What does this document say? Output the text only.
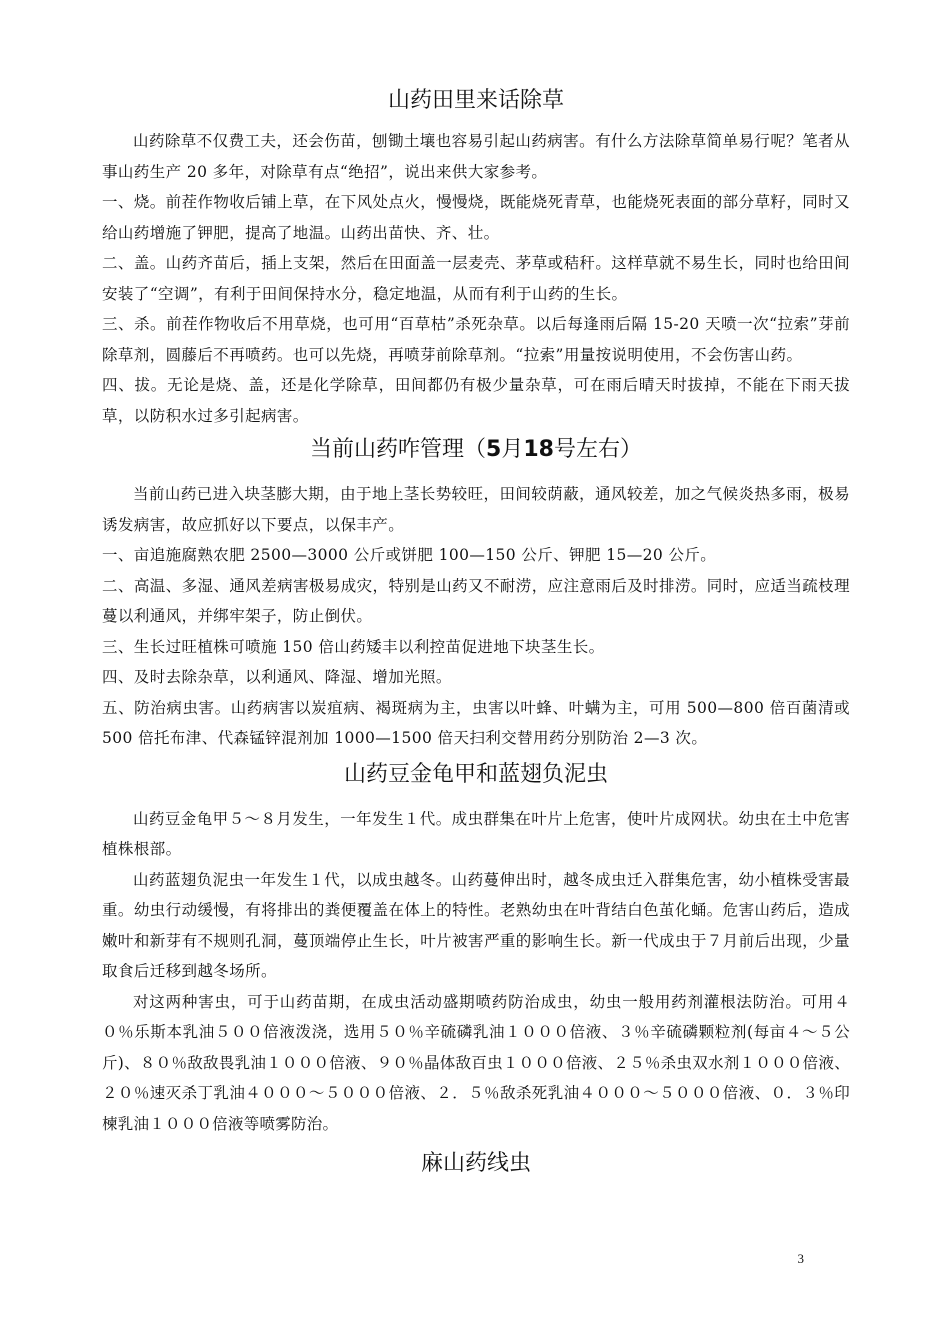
山药田里来话除草

山药除草不仅费工夫，还会伤苗，刨锄土壤也容易引起山药病害。有什么方法除草简单易行呢？笔者从事山药生产 20 多年，对除草有点“绝招”，说出来供大家参考。

一、烧。前茬作物收后铺上草，在下风处点火，慢慢烧，既能烧死青草，也能烧死表面的部分草籽，同时又给山药增施了钾肥，提高了地温。山药出苗快、齐、壮。

二、盖。山药齐苗后，插上支架，然后在田面盖一层麦壳、茅草或秸秆。这样草就不易生长，同时也给田间安装了“空调”，有利于田间保持水分，稳定地温，从而有利于山药的生长。

三、杀。前茬作物收后不用草烧，也可用“百草枯”杀死杂草。以后每逢雨后隔 15-20 天喷一次“拉索”芽前除草剂，圆藤后不再喷药。也可以先烧，再喷芽前除草剂。“拉索”用量按说明使用，不会伤害山药。

四、拔。无论是烧、盖，还是化学除草，田间都仍有极少量杂草，可在雨后晴天时拔掉，不能在下雨天拔草，以防积水过多引起病害。

当前山药咋管理（5月18号左右）

当前山药已进入块茎膨大期，由于地上茎长势较旺，田间较荫蔽，通风较差，加之气候炎热多雨，极易诱发病害，故应抓好以下要点，以保丰产。

一、亩追施腐熟农肥 2500—3000 公斤或饼肥 100—150 公斤、钾肥 15—20 公斤。

二、高温、多湿、通风差病害极易成灾，特别是山药又不耐涝，应注意雨后及时排涝。同时，应适当疏枝理蔓以利通风，并绑牢架子，防止倒伏。

三、生长过旺植株可喷施 150 倍山药矮丰以利控苗促进地下块茎生长。

四、及时去除杂草，以利通风、降湿、增加光照。

五、防治病虫害。山药病害以炭疽病、褐斑病为主，虫害以叶蜂、叶螨为主，可用 500—800 倍百菌清或 500 倍托布津、代森锰锌混剂加 1000—1500 倍天扫利交替用药分别防治 2—3 次。

山药豆金龟甲和蓝翅负泥虫

山药豆金龟甲５～８月发生，一年发生１代。成虫群集在叶片上危害，使叶片成网状。幼虫在土中危害植株根部。

山药蓝翅负泥虫一年发生１代，以成虫越冬。山药蔓伸出时，越冬成虫迁入群集危害，幼小植株受害最重。幼虫行动缓慢，有将排出的粪便覆盖在体上的特性。老熟幼虫在叶背结白色茧化蛹。危害山药后，造成嫩叶和新芽有不规则孔洞，蔓顶端停止生长，叶片被害严重的影响生长。新一代成虫于７月前后出现，少量取食后迁移到越冬场所。

对这两种害虫，可于山药苗期，在成虫活动盛期喷药防治成虫，幼虫一般用药剂灌根法防治。可用４０％乐斯本乳油５００倍液泼浇，选用５０％辛硫磷乳油１０００倍液、３％辛硫磷颗粒剂(每亩４～５公斤)、８０％敌敌畏乳油１０００倍液、９０％晶体敌百虫１０００倍液、２５％杀虫双水剂１０００倍液、２０％速灭杀丁乳油４０００～５０００倍液、２．５％敌杀死乳油４０００～５０００倍液、０．３％印楝乳油１０００倍液等喷雾防治。

麻山药线虫
3
